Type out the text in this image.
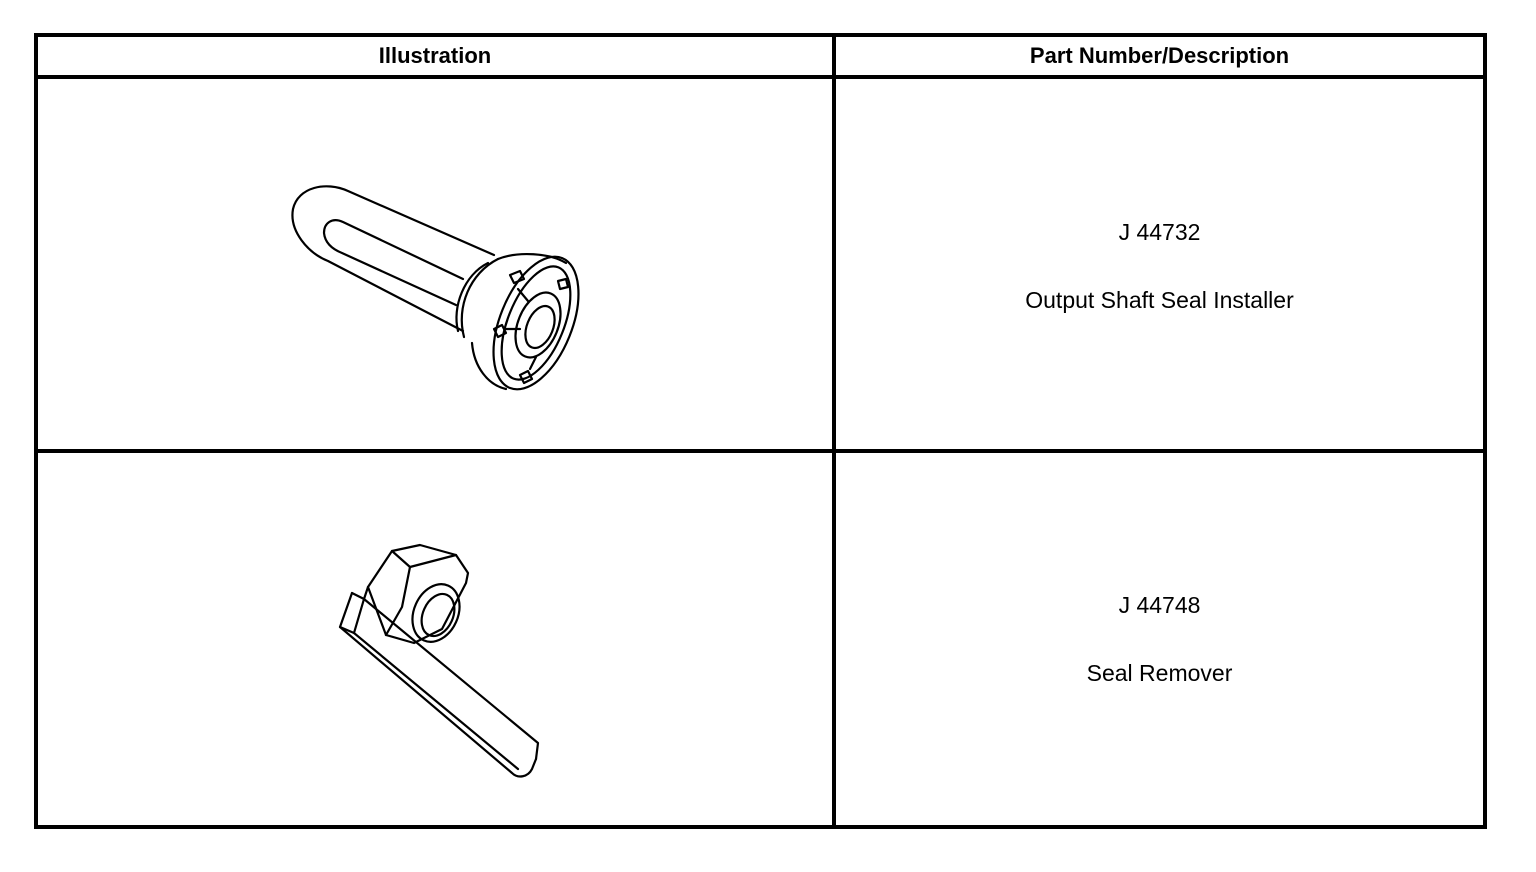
Illustration	Part Number/Description

J 44732
Output Shaft Seal Installer

J 44748
Seal Remover
